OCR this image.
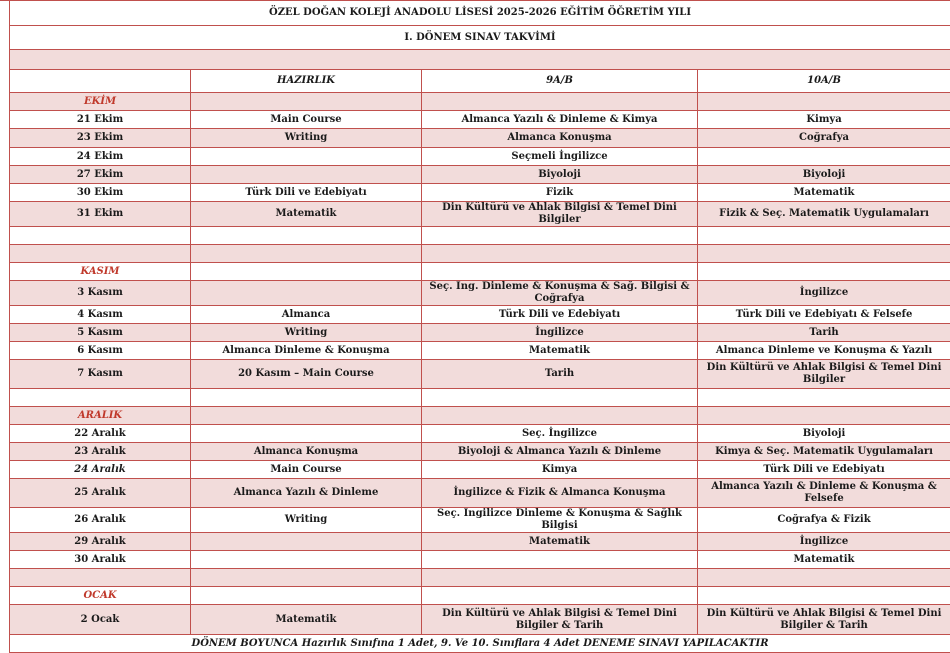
ÖZEL DOĞAN KOLEJİ ANADOLU LİSESİ 2025-2026 EĞİTİM ÖĞRETİM YILI			
I. DÖNEM SINAV TAKVİMİ			

	HAZIRLIK	9A/B	10A/B
EKİM			
21 Ekim	Main Course	Almanca Yazılı & Dinleme & Kimya	Kimya
23 Ekim	Writing	Almanca Konuşma	Coğrafya
24 Ekim		Seçmeli İngilizce	
27 Ekim		Biyoloji	Biyoloji
30 Ekim	Türk Dili ve Edebiyatı	Fizik	Matematik
31 Ekim	Matematik	Din Kültürü ve Ahlak Bilgisi & Temel Dini Bilgiler	Fizik & Seç. Matematik Uygulamaları

KASIM			
3 Kasım		Seç. İng. Dinleme & Konuşma & Sağ. Bilgisi & Coğrafya	İngilizce
4 Kasım	Almanca	Türk Dili ve Edebiyatı	Türk Dili ve Edebiyatı & Felsefe
5 Kasım	Writing	İngilizce	Tarih
6 Kasım	Almanca Dinleme & Konuşma	Matematik	Almanca Dinleme ve Konuşma & Yazılı
7 Kasım	20 Kasım – Main Course	Tarih	Din Kültürü ve Ahlak Bilgisi & Temel Dini Bilgiler

ARALIK			
22 Aralık		Seç. İngilizce	Biyoloji
23 Aralık	Almanca Konuşma	Biyoloji & Almanca Yazılı & Dinleme	Kimya & Seç. Matematik Uygulamaları
24 Aralık	Main Course	Kimya	Türk Dili ve Edebiyatı
25 Aralık	Almanca Yazılı & Dinleme	İngilizce & Fizik & Almanca Konuşma	Almanca Yazılı & Dinleme & Konuşma & Felsefe
26 Aralık	Writing	Seç. İngilizce Dinleme & Konuşma & Sağlık Bilgisi	Coğrafya & Fizik
29 Aralık		Matematik	İngilizce
30 Aralık			Matematik

OCAK			
2 Ocak	Matematik	Din Kültürü ve Ahlak Bilgisi & Temel Dini Bilgiler & Tarih	Din Kültürü ve Ahlak Bilgisi & Temel Dini Bilgiler & Tarih
DÖNEM BOYUNCA Hazırlık Sınıfına 1 Adet, 9. Ve 10. Sınıflara 4 Adet DENEME SINAVI YAPILACAKTIR			
